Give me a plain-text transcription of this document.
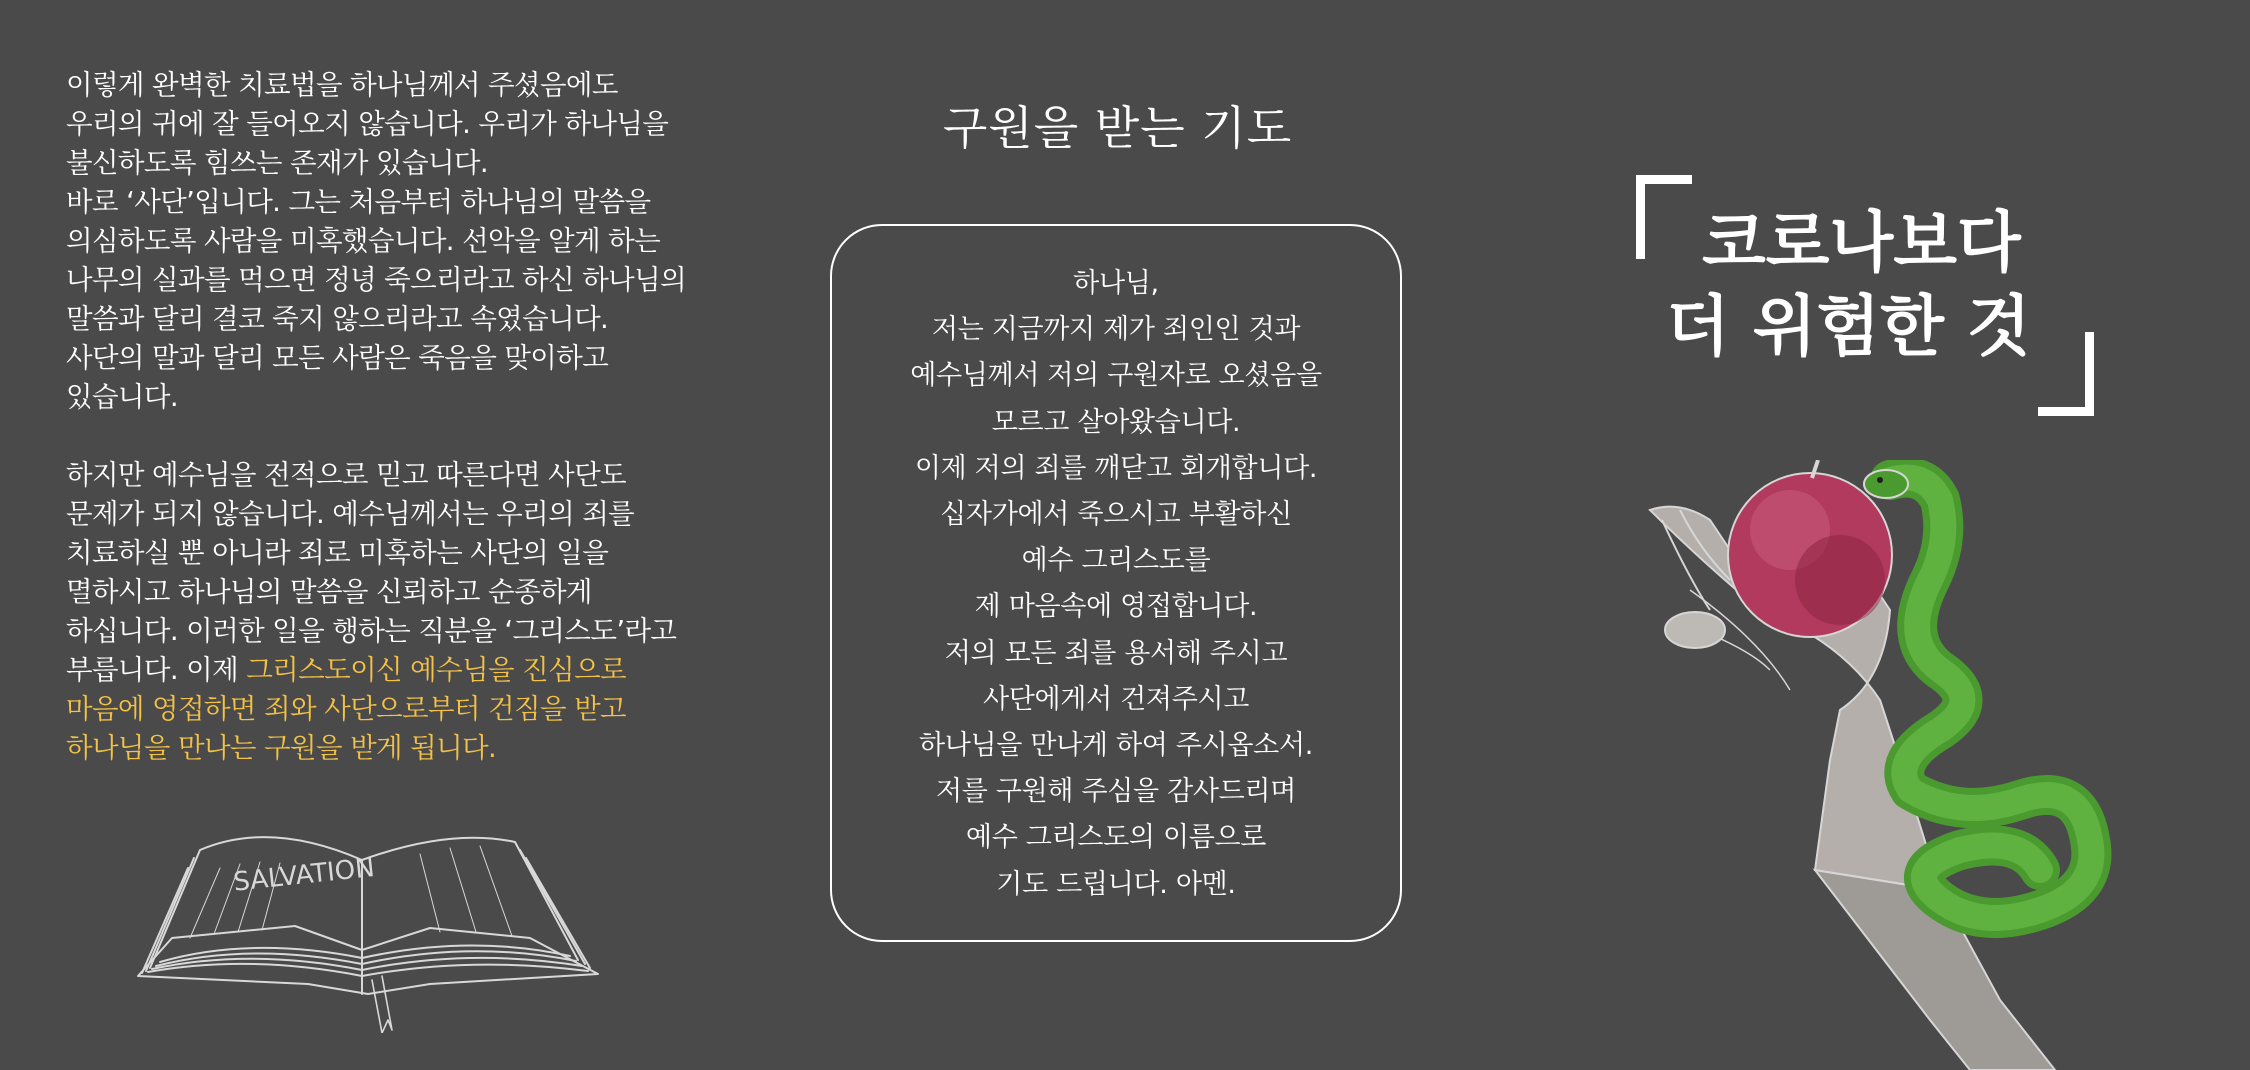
이렇게 완벽한 치료법을 하나님께서 주셨음에도

우리의 귀에 잘 들어오지 않습니다. 우리가 하나님을

불신하도록 힘쓰는 존재가 있습니다.

바로 ‘사단’입니다. 그는 처음부터 하나님의 말씀을

의심하도록 사람을 미혹했습니다. 선악을 알게 하는

나무의 실과를 먹으면 정녕 죽으리라고 하신 하나님의

말씀과 달리 결코 죽지 않으리라고 속였습니다.

사단의 말과 달리 모든 사람은 죽음을 맞이하고

있습니다.

하지만 예수님을 전적으로 믿고 따른다면 사단도

문제가 되지 않습니다. 예수님께서는 우리의 죄를

치료하실 뿐 아니라 죄로 미혹하는 사단의 일을

멸하시고 하나님의 말씀을 신뢰하고 순종하게

하십니다. 이러한 일을 행하는 직분을 ‘그리스도’라고

부릅니다. 이제 그리스도이신 예수님을 진심으로

마음에 영접하면 죄와 사단으로부터 건짐을 받고

하나님을 만나는 구원을 받게 됩니다.

SALVATION
구원을 받는 기도
하나님,
저는 지금까지 제가 죄인인 것과
예수님께서 저의 구원자로 오셨음을
모르고 살아왔습니다.
이제 저의 죄를 깨닫고 회개합니다.
십자가에서 죽으시고 부활하신
예수 그리스도를
제 마음속에 영접합니다.
저의 모든 죄를 용서해 주시고
사단에게서 건져주시고
하나님을 만나게 하여 주시옵소서.
저를 구원해 주심을 감사드리며
예수 그리스도의 이름으로
기도 드립니다. 아멘.
코로나보다
더 위험한 것
